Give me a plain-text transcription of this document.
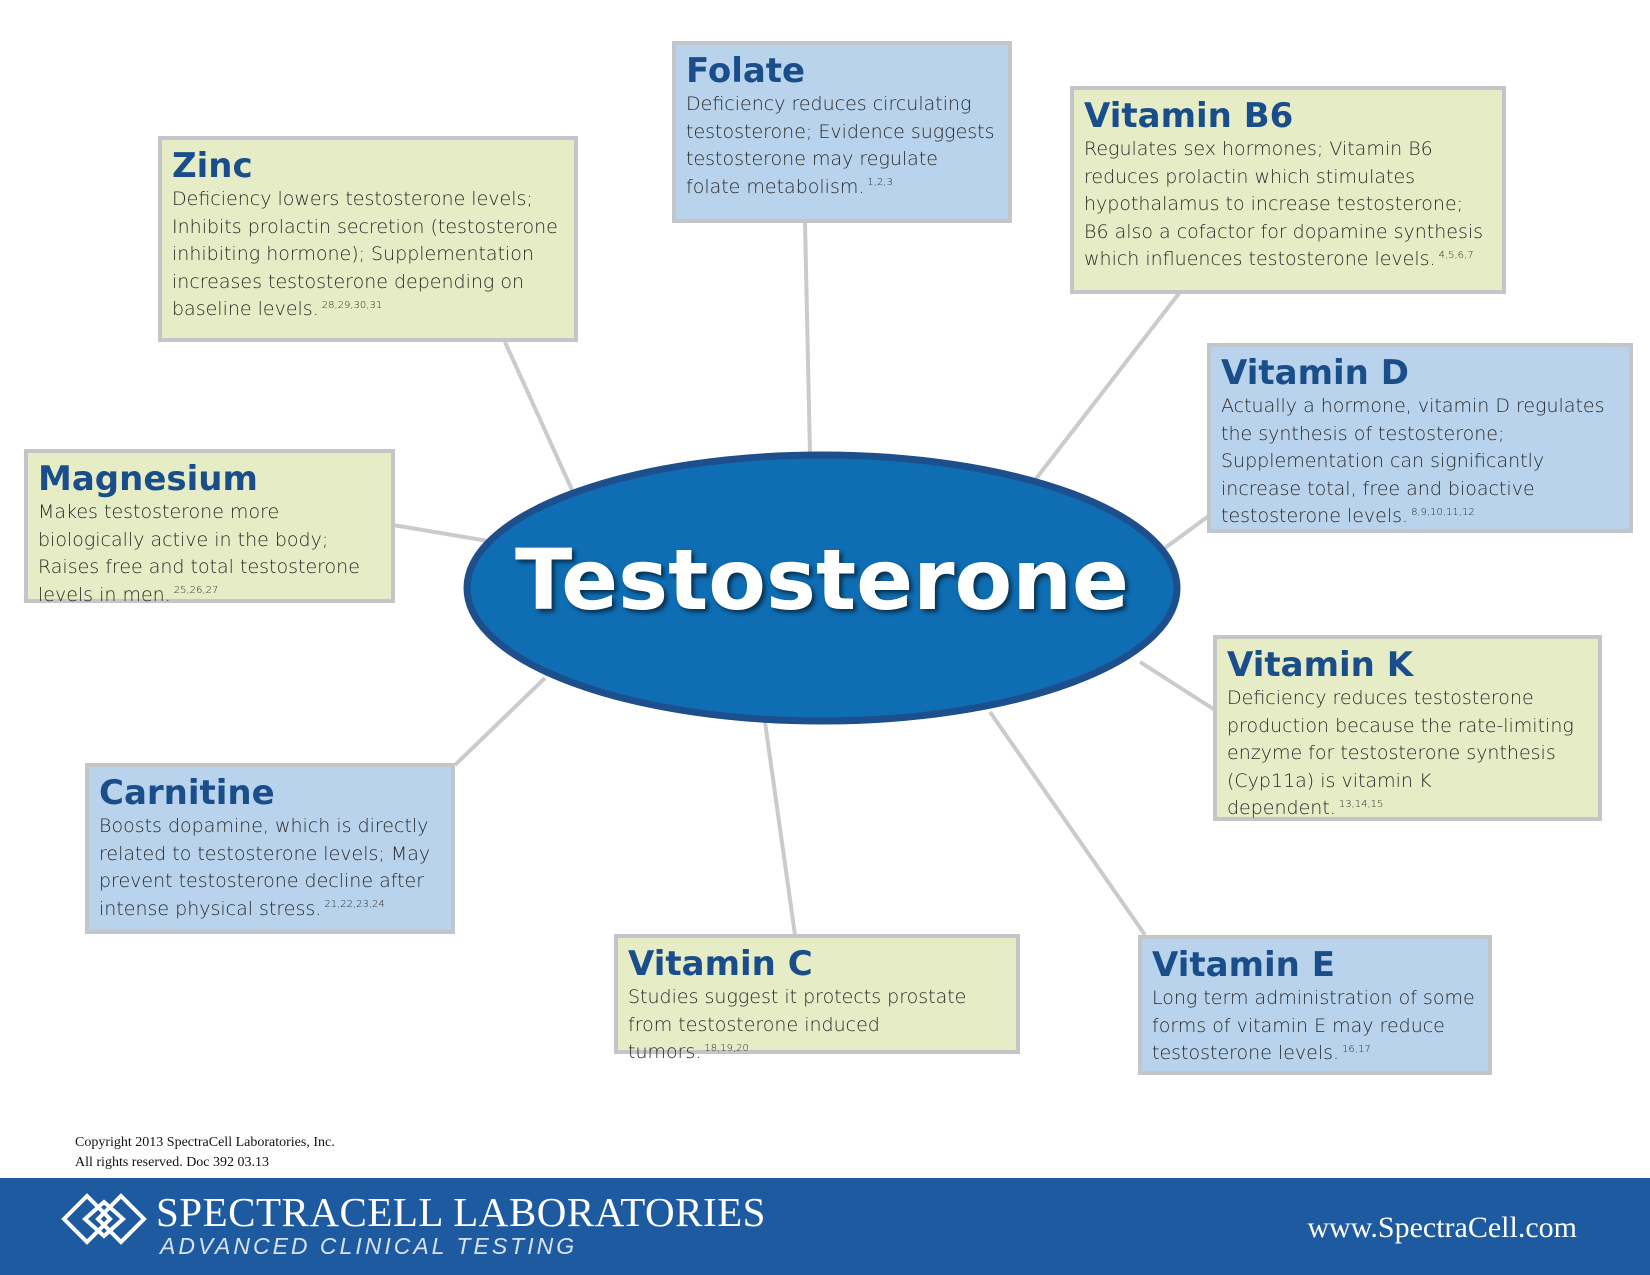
Testosterone
Folate

Deficiency reduces circulating testosterone; Evidence suggests testosterone may regulate folate metabolism. $^{1,2,3}$

Zinc

Deficiency lowers testosterone levels; Inhibits prolactin secretion (testosterone inhibiting hormone); Supplementation increases testosterone depending on baseline levels. $^{28,29,30,31}$

Vitamin B6

Regulates sex hormones; Vitamin B6 reduces prolactin which stimulates hypothalamus to increase testosterone; B6 also a cofactor for dopamine synthesis which influences testosterone levels. $^{4,5,6,7}$

Vitamin D

Actually a hormone, vitamin D regulates the synthesis of testosterone; Supplementation can significantly increase total, free and bioactive testosterone levels. $^{8,9,10,11,12}$

Magnesium

Makes testosterone more biologically active in the body; Raises free and total testosterone levels in men. $^{25,26,27}$

Vitamin K

Deficiency reduces testosterone production because the rate-limiting enzyme for testosterone synthesis (Cyp11a) is vitamin K dependent. $^{13,14,15}$

Carnitine

Boosts dopamine, which is directly related to testosterone levels; May prevent testosterone decline after intense physical stress. $^{21,22,23,24}$

Vitamin C

Studies suggest it protects prostate from testosterone induced tumors. $^{18,19,20}$

Vitamin E

Long term administration of some forms of vitamin E may reduce testosterone levels. $^{16,17}$

Copyright 2013 SpectraCell Laboratories, Inc.
All rights reserved. Doc 392 03.13
SPECTRACELL LABORATORIES
ADVANCED CLINICAL TESTING
www.SpectraCell.com
